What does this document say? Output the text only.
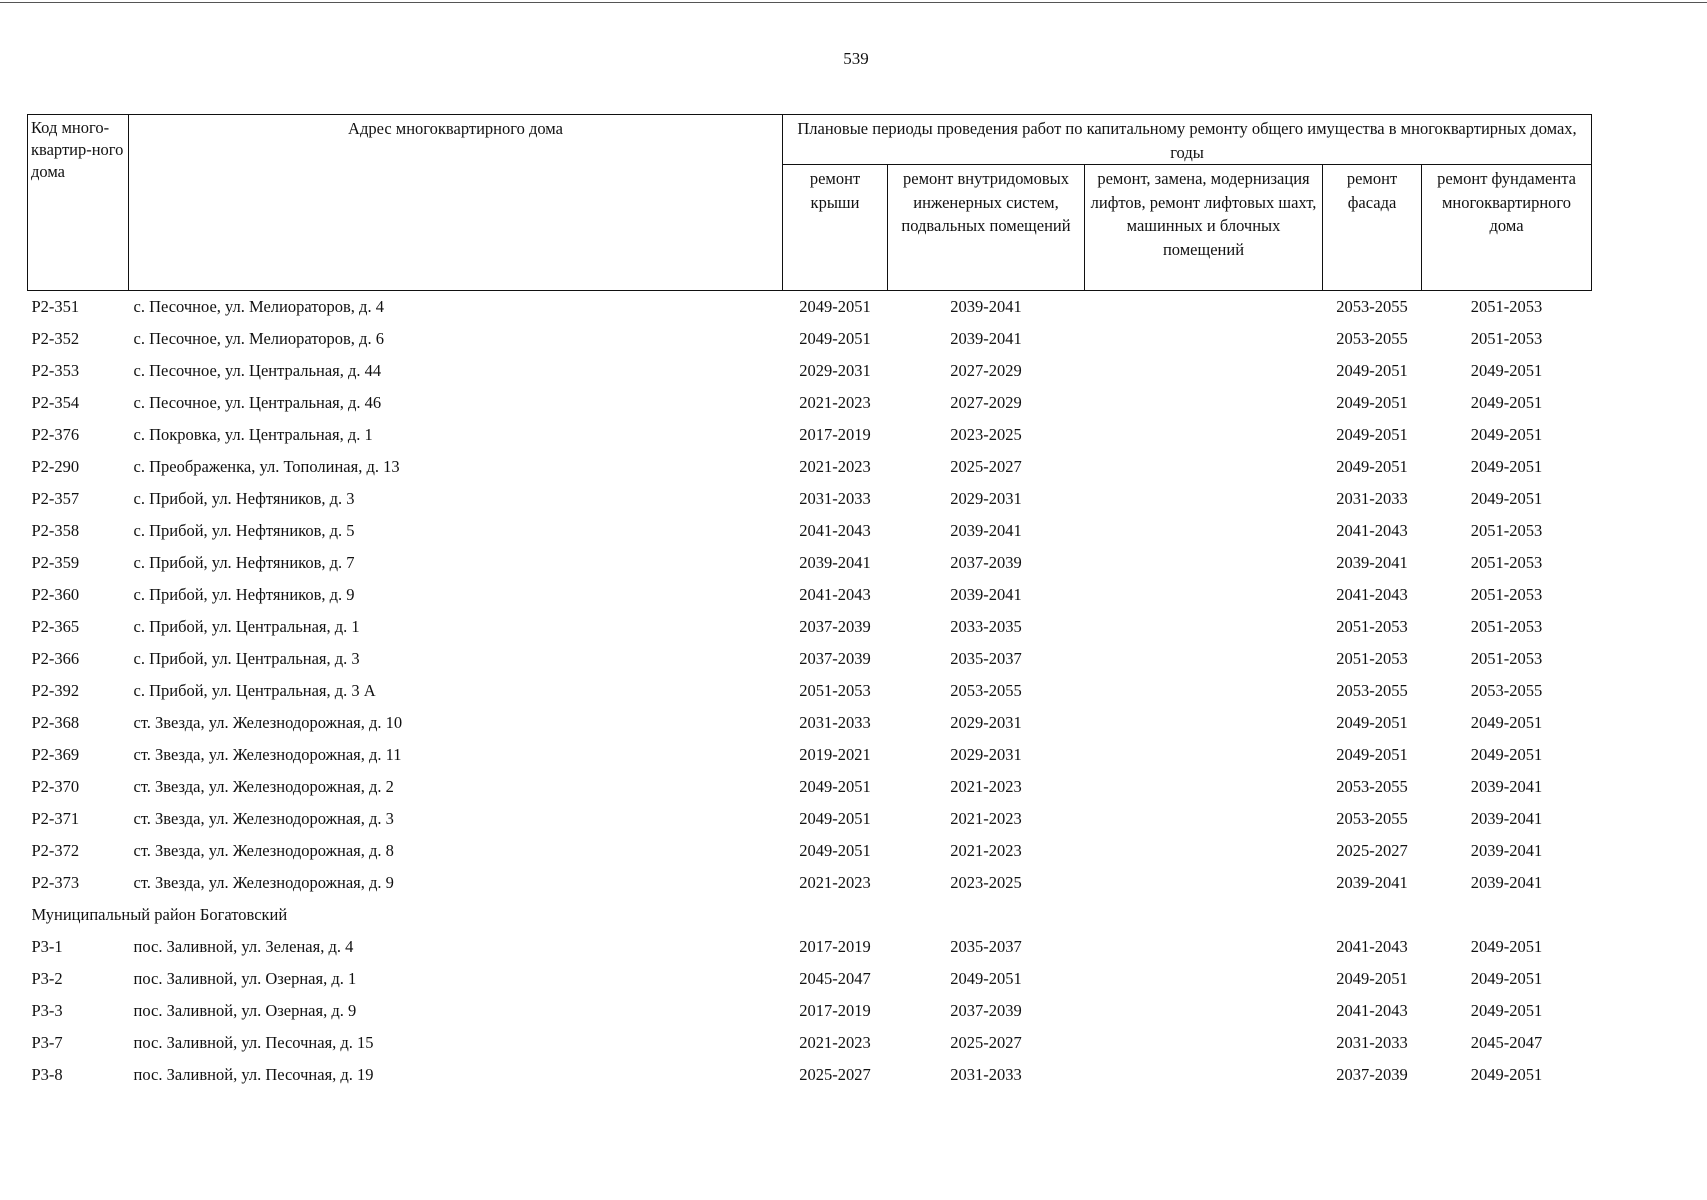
539
Код много-квартир-ного дома	Адрес многоквартирного дома	Плановые периоды проведения работ по капитальному ремонту общего имущества в многоквартирных домах, годы				
		ремонт крыши	ремонт внутридомовых инженерных систем, подвальных помещений	ремонт, замена, модернизация лифтов, ремонт лифтовых шахт, машинных и блочных помещений	ремонт фасада	ремонт фундамента многоквартирного дома
Р2-351	с. Песочное, ул. Мелиораторов, д. 4	2049-2051	2039-2041		2053-2055	2051-2053
Р2-352	с. Песочное, ул. Мелиораторов, д. 6	2049-2051	2039-2041		2053-2055	2051-2053
Р2-353	с. Песочное, ул. Центральная, д. 44	2029-2031	2027-2029		2049-2051	2049-2051
Р2-354	с. Песочное, ул. Центральная, д. 46	2021-2023	2027-2029		2049-2051	2049-2051
Р2-376	с. Покровка, ул. Центральная, д. 1	2017-2019	2023-2025		2049-2051	2049-2051
Р2-290	с. Преображенка, ул. Тополиная, д. 13	2021-2023	2025-2027		2049-2051	2049-2051
Р2-357	с. Прибой, ул. Нефтяников, д. 3	2031-2033	2029-2031		2031-2033	2049-2051
Р2-358	с. Прибой, ул. Нефтяников, д. 5	2041-2043	2039-2041		2041-2043	2051-2053
Р2-359	с. Прибой, ул. Нефтяников, д. 7	2039-2041	2037-2039		2039-2041	2051-2053
Р2-360	с. Прибой, ул. Нефтяников, д. 9	2041-2043	2039-2041		2041-2043	2051-2053
Р2-365	с. Прибой, ул. Центральная, д. 1	2037-2039	2033-2035		2051-2053	2051-2053
Р2-366	с. Прибой, ул. Центральная, д. 3	2037-2039	2035-2037		2051-2053	2051-2053
Р2-392	с. Прибой, ул. Центральная, д. 3 А	2051-2053	2053-2055		2053-2055	2053-2055
Р2-368	ст. Звезда, ул. Железнодорожная, д. 10	2031-2033	2029-2031		2049-2051	2049-2051
Р2-369	ст. Звезда, ул. Железнодорожная, д. 11	2019-2021	2029-2031		2049-2051	2049-2051
Р2-370	ст. Звезда, ул. Железнодорожная, д. 2	2049-2051	2021-2023		2053-2055	2039-2041
Р2-371	ст. Звезда, ул. Железнодорожная, д. 3	2049-2051	2021-2023		2053-2055	2039-2041
Р2-372	ст. Звезда, ул. Железнодорожная, д. 8	2049-2051	2021-2023		2025-2027	2039-2041
Р2-373	ст. Звезда, ул. Железнодорожная, д. 9	2021-2023	2023-2025		2039-2041	2039-2041
Муниципальный район Богатовский						
Р3-1	пос. Заливной, ул. Зеленая, д. 4	2017-2019	2035-2037		2041-2043	2049-2051
Р3-2	пос. Заливной, ул. Озерная, д. 1	2045-2047	2049-2051		2049-2051	2049-2051
Р3-3	пос. Заливной, ул. Озерная, д. 9	2017-2019	2037-2039		2041-2043	2049-2051
Р3-7	пос. Заливной, ул. Песочная, д. 15	2021-2023	2025-2027		2031-2033	2045-2047
Р3-8	пос. Заливной, ул. Песочная, д. 19	2025-2027	2031-2033		2037-2039	2049-2051
